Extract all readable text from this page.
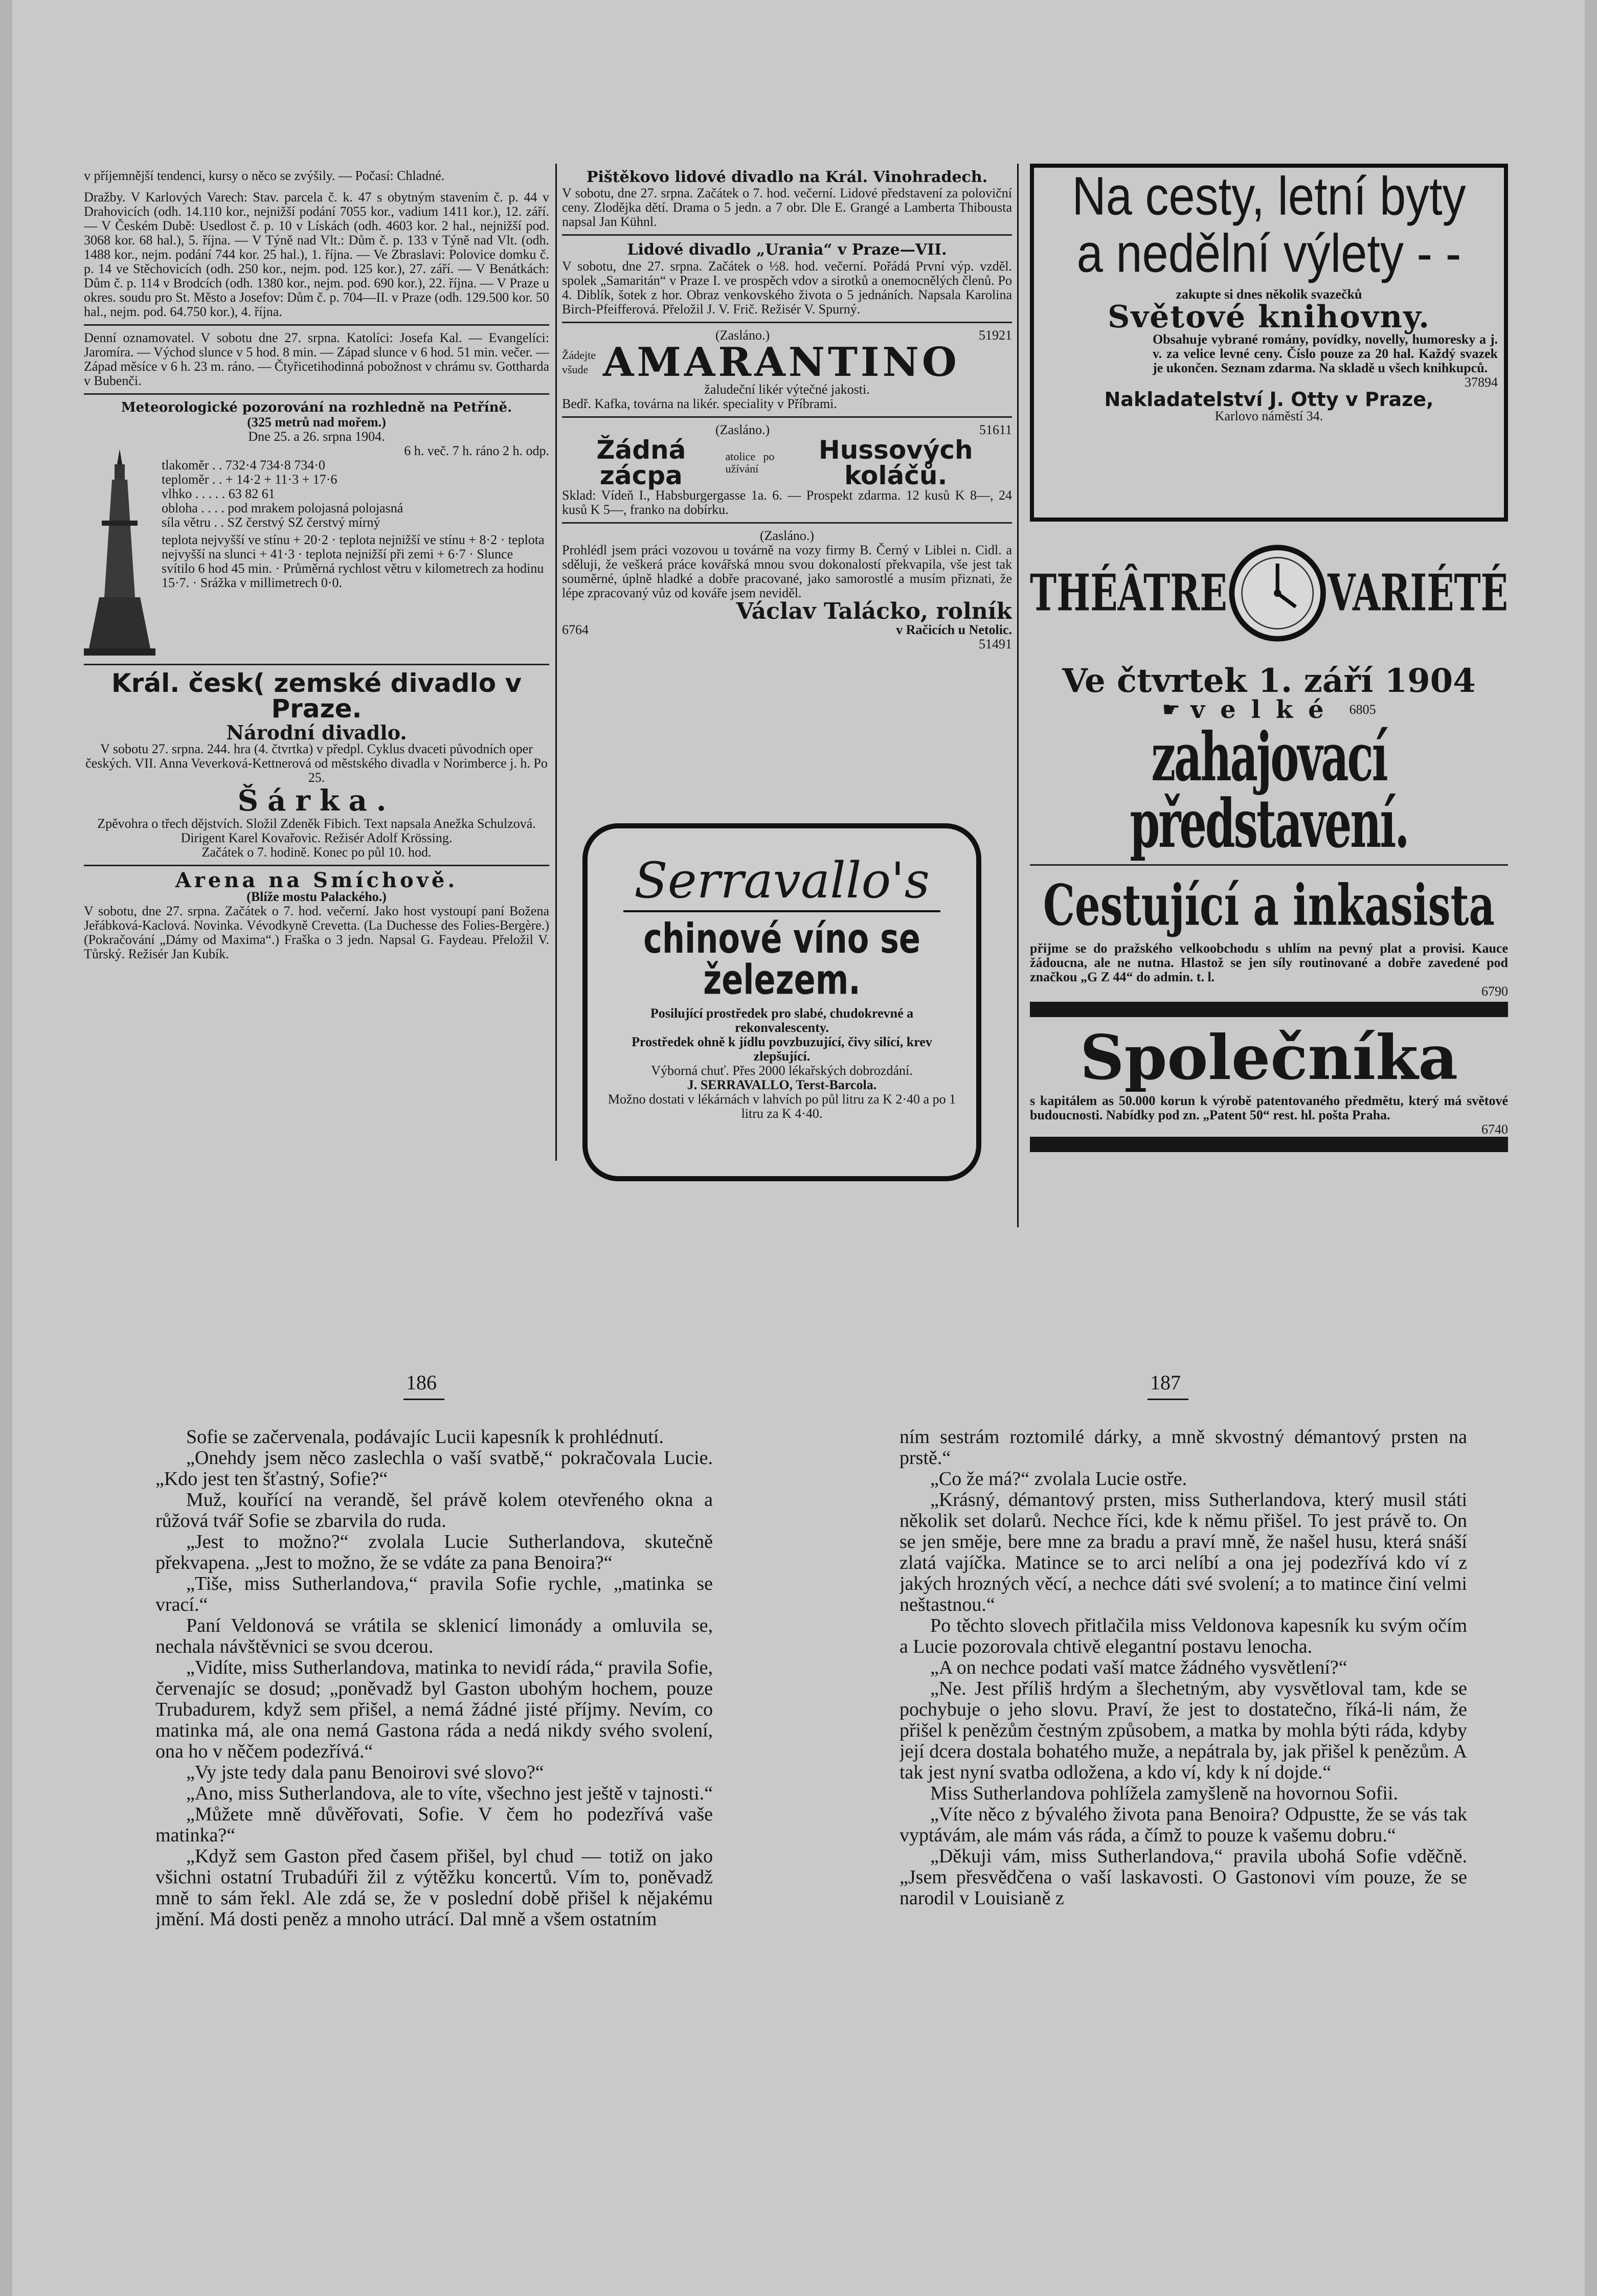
v příjemnější tendenci, kursy o něco se zvýšily. — Počasí: Chladné.

Dražby. V Karlových Varech: Stav. parcela č. k. 47 s obytným stavením č. p. 44 v Drahovicích (odh. 14.110 kor., nejnižší podání 7055 kor., vadium 1411 kor.), 12. září. — V Českém Dubě: Usedlost č. p. 10 v Lískách (odh. 4603 kor. 2 hal., nejnižší pod. 3068 kor. 68 hal.), 5. října. — V Týně nad Vlt.: Dům č. p. 133 v Týně nad Vlt. (odh. 1488 kor., nejm. podání 744 kor. 25 hal.), 1. října. — Ve Zbraslavi: Polovice domku č. p. 14 ve Stěchovicích (odh. 250 kor., nejm. pod. 125 kor.), 27. září. — V Benátkách: Dům č. p. 114 v Brodcích (odh. 1380 kor., nejm. pod. 690 kor.), 22. října. — V Praze u okres. soudu pro St. Město a Josefov: Dům č. p. 704—II. v Praze (odh. 129.500 kor. 50 hal., nejm. pod. 64.750 kor.), 4. října.

Denní oznamovatel. V sobotu dne 27. srpna. Katolíci: Josefa Kal. — Evangelíci: Jaromíra. — Východ slunce v 5 hod. 8 min. — Západ slunce v 6 hod. 51 min. večer. — Západ měsíce v 6 h. 23 m. ráno. — Čtyřicetihodinná pobožnost v chrámu sv. Gottharda v Bubenči.

Meteorologické pozorování na rozhledně na Petříně.

(325 metrů nad mořem.)

Dne 25. a 26. srpna 1904.

6 h. več. 7 h. ráno 2 h. odp.

tlakoměr . . 732·4 734·8 734·0

teploměr . . + 14·2 + 11·3 + 17·6

vlhko . . . . . 63 82 61

obloha . . . . pod mrakem polojasná polojasná

síla větru . . SZ čerstvý SZ čerstvý mírný

teplota nejvyšší ve stínu + 20·2 · teplota nejnižší ve stínu + 8·2 · teplota nejvyšší na slunci + 41·3 · teplota nejnižší při zemi + 6·7 · Slunce svítilo 6 hod 45 min. · Průměrná rychlost větru v kilometrech za hodinu 15·7. · Srážka v millimetrech 0·0.

Král. česk( zemské divadlo v Praze.

Národní divadlo.

V sobotu 27. srpna. 244. hra (4. čtvrtka) v předpl. Cyklus dvaceti původních oper českých. VII. Anna Veverková-Kettnerová od městského divadla v Norimberce j. h. Po 25.

Šárka.

Zpěvohra o třech dějstvích. Složil Zdeněk Fibich. Text napsala Anežka Schulzová. Dirigent Karel Kovařovic. Režisér Adolf Krössing.

Začátek o 7. hodině. Konec po půl 10. hod.

Arena na Smíchově.

(Blíže mostu Palackého.)

V sobotu, dne 27. srpna. Začátek o 7. hod. večerní. Jako host vystoupí paní Božena Jeřábková-Kaclová. Novinka. Vévodkyně Crevetta. (La Duchesse des Folies-Bergère.) (Pokračování „Dámy od Maxima“.) Fraška o 3 jedn. Napsal G. Faydeau. Přeložil V. Tůrský. Režisér Jan Kubík.

Pištěkovo lidové divadlo na Král. Vinohradech.

V sobotu, dne 27. srpna. Začátek o 7. hod. večerní. Lidové představení za poloviční ceny. Zlodějka dětí. Drama o 5 jedn. a 7 obr. Dle E. Grangé a Lamberta Thiboustа napsal Jan Kühnl.

Lidové divadlo „Urania“ v Praze—VII.

V sobotu, dne 27. srpna. Začátek o ½8. hod. večerní. Pořádá První výp. vzděl. spolek „Samaritán“ v Praze I. ve prospěch vdov a sirotků a onemocnělých členů. Po 4. Diblík, šotek z hor. Obraz venkovského života o 5 jednáních. Napsala Karolina Birch-Pfeifferová. Přeložil J. V. Frič. Režisér V. Spurný.

(Zasláno.)	51921
Žádejte všude AMARANTINO

žaludeční likér výtečné jakosti.

Bedř. Kafka, továrna na likér. specialitу v Příbrami.

(Zasláno.)	51611
Žádná zácpa
atolice po užívání
Hussových koláčů.

Sklad: Vídeň I., Habsburgergasse 1a. 6. — Prospekt zdarma. 12 kusů K 8—, 24 kusů K 5—, franko na dobírku.

(Zasláno.)

Prohlédl jsem práci vozovou u továrně na vozy firmy B. Černý v Liblei n. Cidl. a sděluji, že veškerá práce kovářská mnou svou dokonalostí překvapila, vše jest tak souměrné, úplně hladké a dobře pracované, jako samorostlé a musím přiznati, že lépe zpracovaný vůz od kováře jsem neviděl.

Václav Taláсko, rolník

6764	v Račicích u Netolic.

51491

Serravallo's

chinové víno se železem.

Posilující prostředek pro slabé, chudokrevné a rekonvalescenty.

Prostředek ohně k jídlu povzbuzující, čivy silící, krev zlepšující.

Výborná chuť. Přes 2000 lékařských dobrozdání.

J. SERRAVALLO, Terst-Barcola.

Možno dostati v lékárnách v lahvích po půl litru za K 2·40 a po 1 litru za K 4·40.

Na cesty, letní byty

a nedělní výlety - -

zakupte si dnes několik svazečků

Světové knihovny.

Obsahuje vybrané romány, povídky, novelly, humoresky a j. v. za velice levné ceny. Číslo pouze za 20 hal. Každý svazek je ukončen. Seznam zdarma. Na skladě u všech knihkupců.

37894

Nakladatelství J. Otty v Praze,

Karlovo náměstí 34.

THÉÂTRE	VARIÉTÉ

Ve čtvrtek 1. září 1904

☛ velké 6805

zahajovací představení.

Cestující a inkasista

přijme se do pražského velkoobchodu s uhlím na pevný plat a provisi. Kauce žádoucna, ale ne nutna. Hlastož se jen síly routinované a dobře zavedené pod značkou „G Z 44“ do admin. t. l.

6790

Společníka

s kapitálem as 50.000 korun k výrobě patentovaného předmětu, který má světové budoucnosti. Nabídky pod zn. „Patent 50“ rest. hl. pošta Praha.

6740

186

Sofie se začervenala, podávajíc Lucii kapesník k prohlédnutí.

„Onehdy jsem něco zaslechla o vaší svatbě,“ pokračovala Lucie. „Kdo jest ten šťastný, Sofie?“

Muž, kouřící na verandě, šel právě kolem otevřeného okna a růžová tvář Sofie se zbarvila do ruda.

„Jest to možno?“ zvolala Lucie Sutherlandova, skutečně překvapena. „Jest to možno, že se vdáte za pana Benoira?“

„Tiše, miss Sutherlandova,“ pravila Sofie rychle, „matinka se vrací.“

Paní Veldonová se vrátila se sklenicí limonády a omluvila se, nechala návštěvnici se svou dcerou.

„Vidíte, miss Sutherlandova, matinka to nevidí ráda,“ pravila Sofie, červenajíc se dosud; „poněvadž byl Gaston ubohým hochem, pouze Trubadurem, když sem přišel, a nemá žádné jisté příjmy. Nevím, co matinka má, ale ona nemá Gastona ráda a nedá nikdy svého svolení, ona ho v něčem podezřívá.“

„Vy jste tedy dala panu Benoirovi své slovo?“

„Ano, miss Sutherlandova, ale to víte, všechno jest ještě v tajnosti.“

„Můžete mně důvěřovati, Sofie. V čem ho podezřívá vaše matinka?“

„Když sem Gaston před časem přišel, byl chud — totiž on jako všichni ostatní Trubadúři žil z výtěžku koncertů. Vím to, poněvadž mně to sám řekl. Ale zdá se, že v poslední době přišel k nějakému jmění. Má dosti peněz a mnoho utrácí. Dal mně a všem ostatním

187

ním sestrám roztomilé dárky, a mně skvostný démantový prsten na prstě.“

„Co že má?“ zvolala Lucie ostře.

„Krásný, démantový prsten, miss Sutherlandova, který musil státi několik set dolarů. Nechce říci, kde k němu přišel. To jest právě to. On se jen směje, bere mne za bradu a praví mně, že našel husu, která snáší zlatá vajíčka. Matince se to arci nelíbí a ona jej podezřívá kdo ví z jakých hrozných věcí, a nechce dáti své svolení; a to matince činí velmi neštastnou.“

Po těchto slovech přitlačila miss Veldonova kapesník ku svým očím a Lucie pozorovala chtivě elegantní postavu lenocha.

„A on nechce podati vaší matce žádného vysvětlení?“

„Ne. Jest příliš hrdým a šlechetným, aby vysvětloval tam, kde se pochybuje o jeho slovu. Praví, že jest to dostatečno, říká-li nám, že přišel k penězům čestným způsobem, a matka by mohla býti ráda, kdyby její dcera dostala bohatého muže, a nepátrala by, jak přišel k penězům. A tak jest nyní svatba odložena, a kdo ví, kdy k ní dojde.“

Miss Sutherlandova pohlížela zamyšleně na hovornou Sofii.

„Víte něco z bývalého života pana Benoira? Odpustte, že se vás tak vyptávám, ale mám vás ráda, a čímž to pouze k vašemu dobru.“

„Děkuji vám, miss Sutherlandova,“ pravila ubohá Sofie vděčně. „Jsem přesvědčena o vaší laskavosti. O Gastonovi vím pouze, že se narodil v Louisianě z
